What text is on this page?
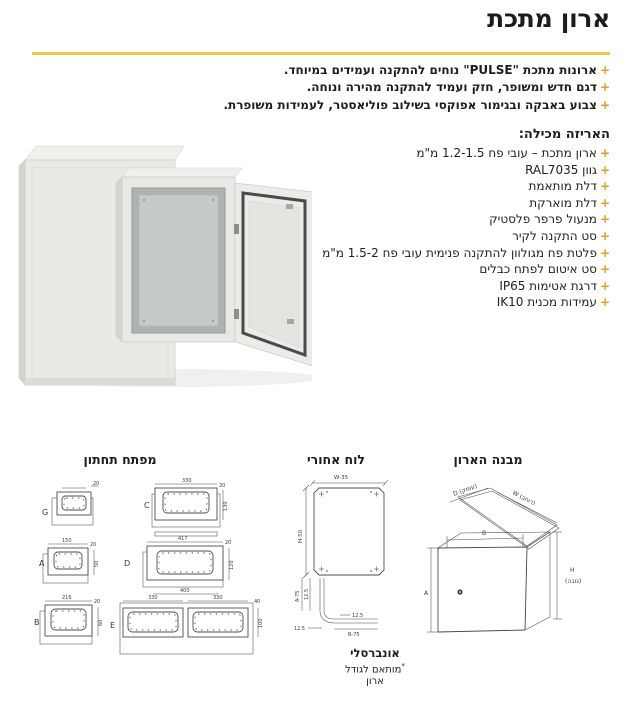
ארון מתכת
+ארונות מתכת "PULSE" נוחים להתקנה ועמידים במיוחד.
+דגם חדש ומשופר, חזק ועמיד להתקנה מהירה ונוחה.
+צבוע באבקה ובגימור אפוקסי בשילוב פוליאסטר, לעמידות משופרת.
האריזה מכילה:
+ארון מתכת – עובי פח 1.2-1.5 מ"מ
+גוון RAL7035
+דלת מותאמת
+דלת מוארקת
+מנעול פרפר פלסטיק
+סט התקנה לקיר
+פלטת פח מגולוון להתקנה פנימית עובי פח 1.5-2 מ"מ
+סט איטום לפתח כבלים
+דרגת אטימות IP65
+עמידות מכנית IK10
מפתח תחתון	לוח אחורי	מבנה הארון
G
20
C
330
20
130
A
150
20
50	D
417
20
120
B
216
20
60 E
400
330	330
40
100
W-35
H-50
A-75 12.5
12.5
12.5
B-75
אונברסלי
*מותאם לגודל
ארון
D (עומק)
W (רוחב)
B
A
H
(גובה)
